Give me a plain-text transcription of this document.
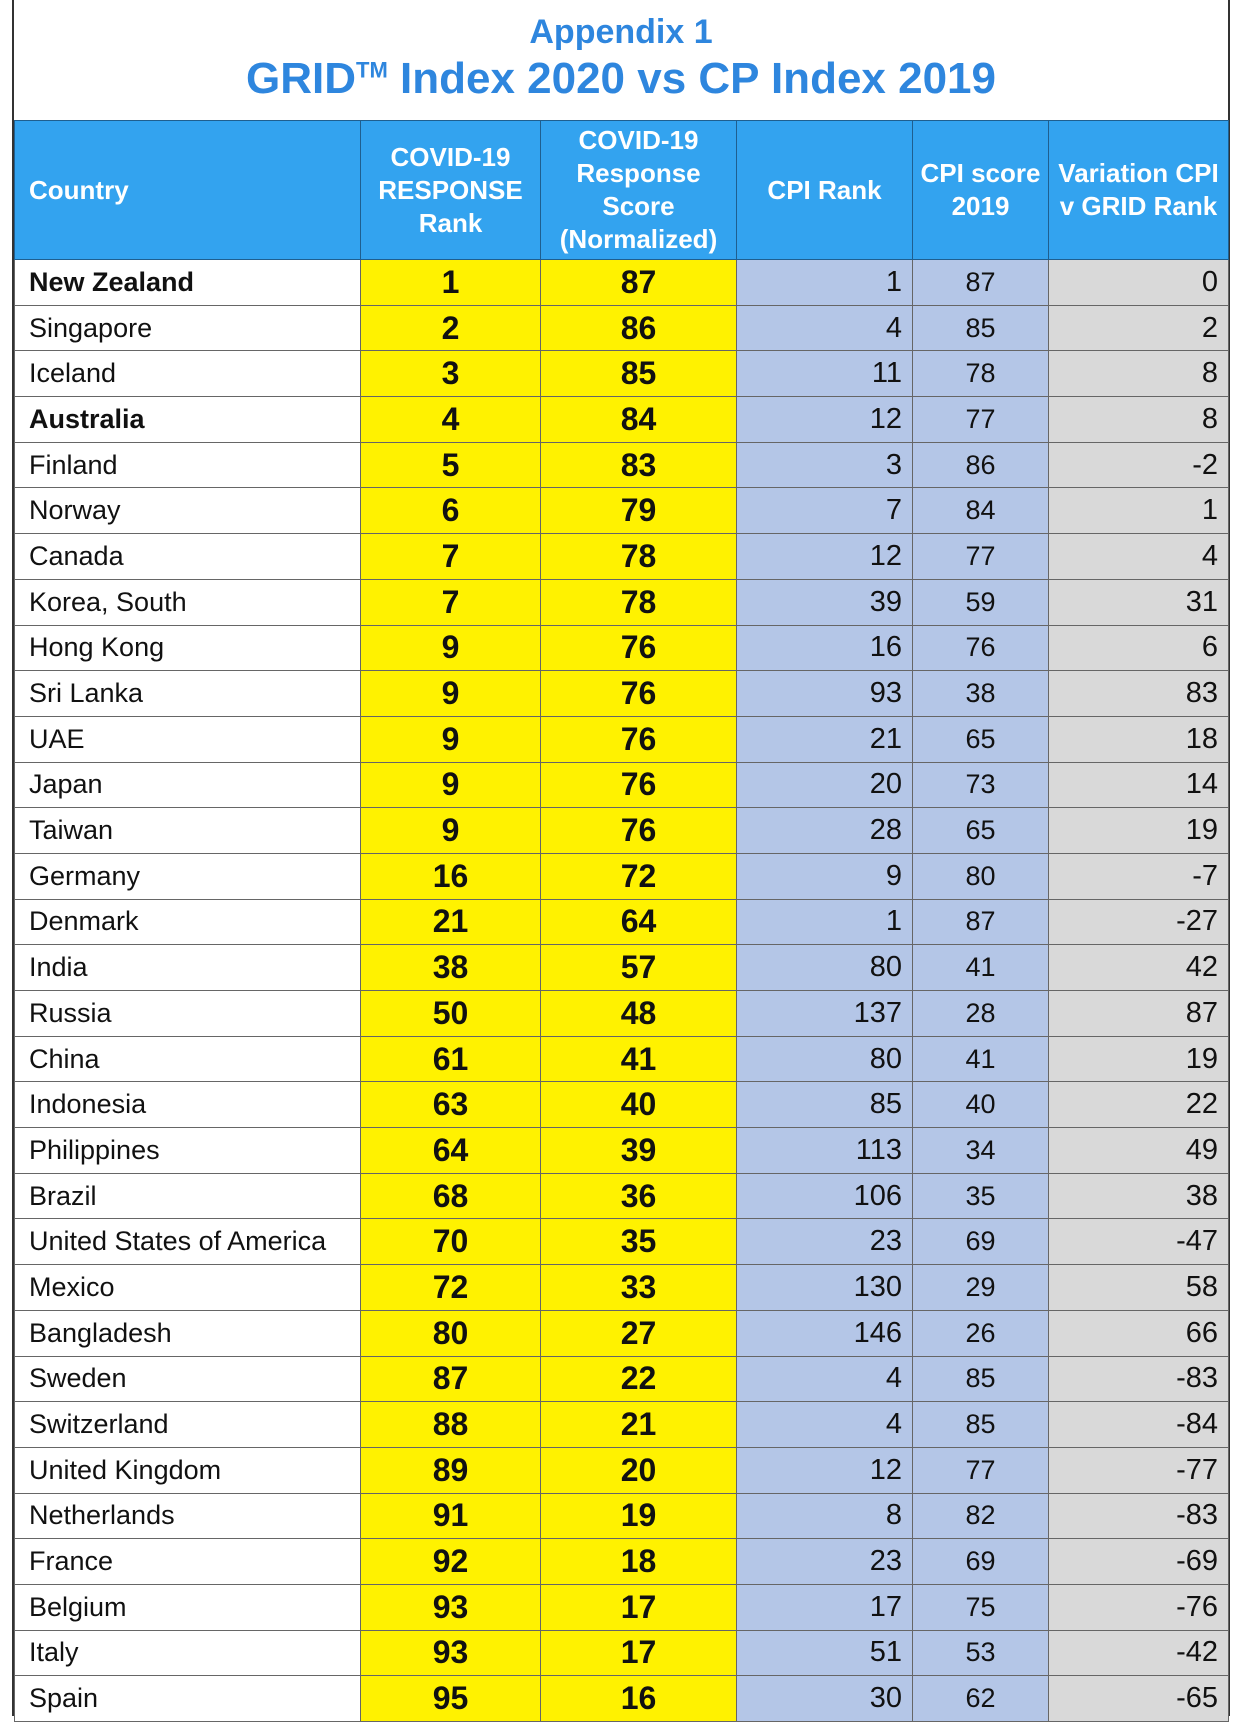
Appendix 1
GRID™ Index 2020 vs CP Index 2019
Country	COVID-19 RESPONSE Rank	COVID-19 Response Score (Normalized)	CPI Rank	CPI score 2019	Variation CPI v GRID Rank
New Zealand	1	87	1	87	0
Singapore	2	86	4	85	2
Iceland	3	85	11	78	8
Australia	4	84	12	77	8
Finland	5	83	3	86	-2
Norway	6	79	7	84	1
Canada	7	78	12	77	4
Korea, South	7	78	39	59	31
Hong Kong	9	76	16	76	6
Sri Lanka	9	76	93	38	83
UAE	9	76	21	65	18
Japan	9	76	20	73	14
Taiwan	9	76	28	65	19
Germany	16	72	9	80	-7
Denmark	21	64	1	87	-27
India	38	57	80	41	42
Russia	50	48	137	28	87
China	61	41	80	41	19
Indonesia	63	40	85	40	22
Philippines	64	39	113	34	49
Brazil	68	36	106	35	38
United States of America	70	35	23	69	-47
Mexico	72	33	130	29	58
Bangladesh	80	27	146	26	66
Sweden	87	22	4	85	-83
Switzerland	88	21	4	85	-84
United Kingdom	89	20	12	77	-77
Netherlands	91	19	8	82	-83
France	92	18	23	69	-69
Belgium	93	17	17	75	-76
Italy	93	17	51	53	-42
Spain	95	16	30	62	-65
